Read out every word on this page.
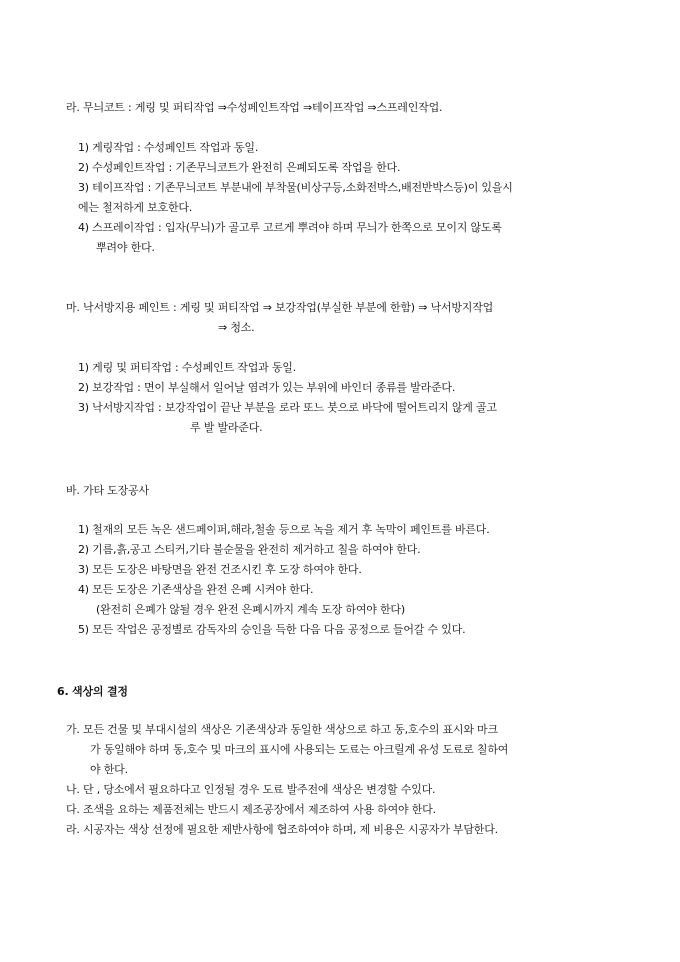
라. 무늬코트 : 게링 및 퍼티작업 ⇒수성페인트작업 ⇒테이프작업 ⇒스프레인작업.
1) 게링작업 : 수성페인트 작업과 동일.
2) 수성페인트작업 : 기존무늬코트가 완전히 은폐되도록 작업을 한다.
3) 테이프작업 : 기존무늬코트 부분내에 부착물(비상구등,소화전박스,배전반박스등)이 있을시
에는 철저하게 보호한다.
4) 스프레이작업 : 입자(무늬)가 골고루 고르게 뿌려야 하며 무늬가 한쪽으로 모이지 않도록
뿌려야 한다.
마. 낙서방지용 페인트 : 게링 및 퍼티작업 ⇒ 보강작업(부실한 부분에 한함) ⇒ 낙서방지작업
⇒ 청소.
1) 게링 및 퍼티작업 : 수성페인트 작업과 동일.
2) 보강작업 : 면이 부실해서 일어날 염려가 있는 부위에 바인더 종류를 발라준다.
3) 낙서방지작업 : 보강작업이 끝난 부분을 로라 또느 붓으로 바닥에 떨어트리지 않게 골고
루 발 발라준다.
바. 가타 도장공사
1) 철재의 모든 녹은 샌드페이퍼,해라,철솔 등으로 녹을 제거 후 녹막이 페인트를 바른다.
2) 기름,흙,공고 스티커,기타 불순물을 완전히 제거하고 칠을 하여야 한다.
3) 모든 도장은 바탕면을 완전 건조시킨 후 도장 하여야 한다.
4) 모든 도장은 기존색상을 완전 은폐 시켜야 한다.
(완전히 은폐가 않될 경우 완전 은폐시까지 계속 도장 하여야 한다)
5) 모든 작업은 공정별로 감독자의 승인을 득한 다음 다음 공정으로 들어갈 수 있다.
6. 색상의 결정
가. 모든 건물 및 부대시설의 색상은 기존색상과 동일한 색상으로 하고 동,호수의 표시와 마크
가 동일해야 하며 동,호수 및 마크의 표시에 사용되는 도료는 아크릴계 유성 도료로 칠하여
야 한다.
나. 단 , 당소에서 필요하다고 인정될 경우 도료 발주전에 색상은 변경할 수있다.
다. 조색을 요하는 제품전체는 반드시 제조공장에서 제조하여 사용 하여야 한다.
라. 시공자는 색상 선정에 필요한 제반사항에 협조하여야 하며, 제 비용은 시공자가 부담한다.
